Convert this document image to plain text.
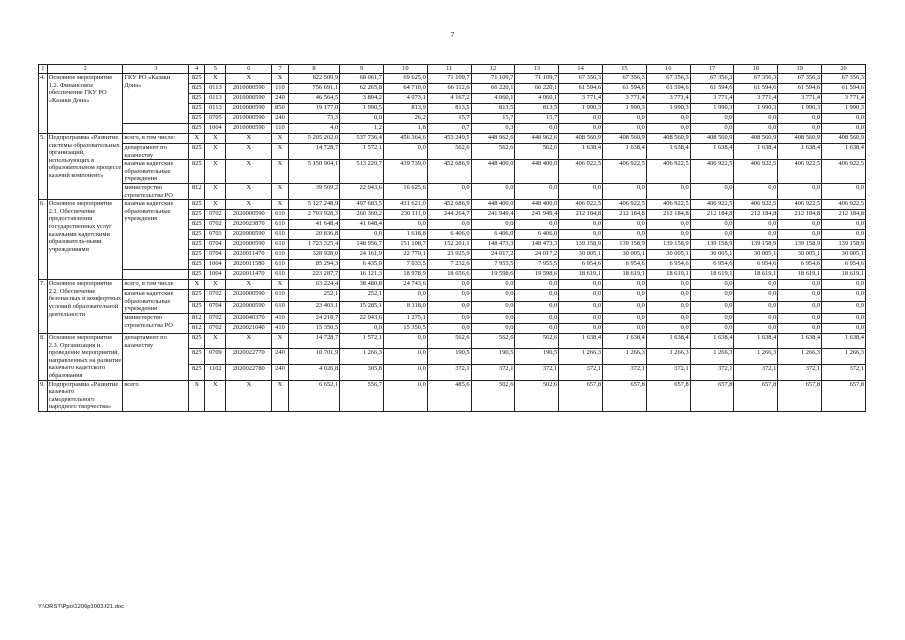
7
1	2	3	4	5	6	7	8	9	10	11	12	13	14	15	16	17	18	19	20
4.	Основное мероприятие 1.2. Финансовое обеспечение ГКУ РО «Казаки Дона»	ГКУ РО «Казаки Дона»	825	X	X	X	822 509,9	68 061,7	69 625,0	71 109,7	71 109,7	71 109,7	67 356,3	67 356,3	67 356,3	67 356,3	67 356,3	67 356,3	67 356,3
			825	0113	2010000590	110	756 691,1	62 265,8	64 710,0	66 112,6	66 220,1	66 220,1	61 594,6	61 594,6	61 594,6	61 594,6	61 594,6	61 594,6	61 594,6
			825	0113	2010000590	240	46 564,5	3 804,2	4 073,1	4 167,2	4 060,1	4 060,1	3 771,4	3 771,4	3 771,4	3 771,4	3 771,4	3 771,4	3 771,4
			825	0113	2010000590	850	19 177,0	1 990,5	813,9	813,5	813,5	813,5	1 990,3	1 990,3	1 990,3	1 990,3	1 990,3	1 990,3	1 990,3
			825	0705	2010000590	240	73,3	0,0	26,2	15,7	15,7	15,7	0,0	0,0	0,0	0,0	0,0	0,0	0,0
			825	1004	2010000590	110	4,0	1,2	1,8	0,7	0,3	0,0	0,0	0,0	0,0	0,0	0,0	0,0	0,0
5.	Подпрограмма «Развитие системы образовательных организаций, использующих в образовательном процессе казачий компонент»	всего, в том числе:	X	X	X	X	5 205 202,0	537 736,4	456 364,6	453 249,5	448 962,6	448 962,6	408 560,9	408 560,9	408 560,9	408 560,9	408 560,9	408 560,9	408 560,9
		департамент по казачеству	825	X	X	X	14 728,7	1 572,1	0,0	562,6	562,6	562,6	1 638,4	1 638,4	1 638,4	1 638,4	1 638,4	1 638,4	1 638,4
		казачьи кадетские образовательные учреждения	825	X	X	X	5 150 904,1	513 220,7	439 739,0	452 686,9	448 400,0	448 400,0	406 922,5	406 922,5	406 922,5	406 922,5	406 922,5	406 922,5	406 922,5
		министерство строительства РО	812	X	X	X	39 569,2	22 943,6	16 625,6	0,0	0,0	0,0	0,0	0,0	0,0	0,0	0,0	0,0	0,0
6.	Основное мероприятие 2.1. Обеспечение предоставления государственных услуг казачьими кадетскими образователь-ными учреждениями	казачьи кадетские образовательные учреждения	825	X	X	X	5 127 248,9	497 683,5	431 621,0	452 686,9	448 400,0	448 400,0	406 922,5	406 922,5	406 922,5	406 922,5	406 922,5	406 922,5	406 922,5
			825	0702	2020000590	610	2 703 928,3	260 360,2	230 111,0	244 264,7	241 949,4	241 949,4	212 184,8	212 184,8	212 184,8	212 184,8	212 184,8	212 184,8	212 184,8
			825	0702	2020023870	610	41 648,4	41 648,4	0,0	0,0	0,0	0,0	0,0	0,0	0,0	0,0	0,0	0,0	0,0
			825	0703	2020000590	610	20 836,8	0,0	1 618,8	6 406,0	6 406,0	6 406,0	0,0	0,0	0,0	0,0	0,0	0,0	0,0
			825	0704	2020000590	610	1 723 325,4	148 956,7	151 108,7	152 201,1	148 473,3	148 473,3	139 158,9	139 158,9	139 158,9	139 158,9	139 158,9	139 158,9	139 158,9
			825	0704	2020011470	610	328 928,0	24 161,9	22 770,1	23 925,9	24 017,2	24 017,2	30 005,1	30 005,1	30 005,1	30 005,1	30 005,1	30 005,1	30 005,1
			825	1004	2020011580	610	85 294,3	6 435,0	7 033,5	7 232,6	7 955,5	7 955,5	6 954,6	6 954,6	6 954,6	6 954,6	6 954,6	6 954,6	6 954,6
			825	1004	2020011470	610	223 287,7	16 121,3	18 978,9	18 656,6	19 598,6	19 598,6	18 619,1	18 619,1	18 619,1	18 619,1	18 619,1	18 619,1	18 619,1
7.	Основное мероприятие 2.2. Обеспечение безопасных и комфортных условий образовательной деятельности	всего, в том числе	X	X	X	X	63 224,4	38 480,8	24 743,6	0,0	0,0	0,0	0,0	0,0	0,0	0,0	0,0	0,0	0,0
		казачьи кадетские образовательные учреждения	825	0702	2020000590	610	252,1	252,1	0,0	0,0	0,0	0,0	0,0	0,0	0,0	0,0	0,0	0,0	0,0
			825	0704	2020000590	610	23 403,1	15 285,1	8 118,0	0,0	0,0	0,0	0,0	0,0	0,0	0,0	0,0	0,0	0,0
		министерство строительства РО	812	0702	2020040370	410	24 218,7	22 943,6	1 275,1	0,0	0,0	0,0	0,0	0,0	0,0	0,0	0,0	0,0	0,0
			812	0702	2020021040	410	15 350,5	0,0	15 350,5	0,0	0,0	0,0	0,0	0,0	0,0	0,0	0,0	0,0	0,0
8.	Основное мероприятие 2.3. Организация и проведение мероприятий, направленных на развитие казачьего кадетского образования	департамент по казачеству	825	X	X	X	14 728,7	1 572,1	0,0	562,6	562,6	562,6	1 638,4	1 638,4	1 638,4	1 638,4	1 638,4	1 638,4	1 638,4
			825	0709	2020022770	240	10 701,9	1 266,3	0,0	190,5	190,5	190,5	1 266,3	1 266,3	1 266,3	1 266,3	1 266,3	1 266,3	1 266,3
			825	1102	2020022780	240	4 026,8	305,8	0,0	372,1	372,1	372,1	372,1	372,1	372,1	372,1	372,1	372,1	372,1
9.	Подпрограмма «Развитие казачьего самодеятельного народного творчества»	всего	X	X	X	X	6 652,1	556,7	0,0	485,6	502,6	502,6	657,8	657,8	657,8	657,8	657,8	657,8	657,8
Y:\ORST\Ppo\1206p1003.f21.doc
